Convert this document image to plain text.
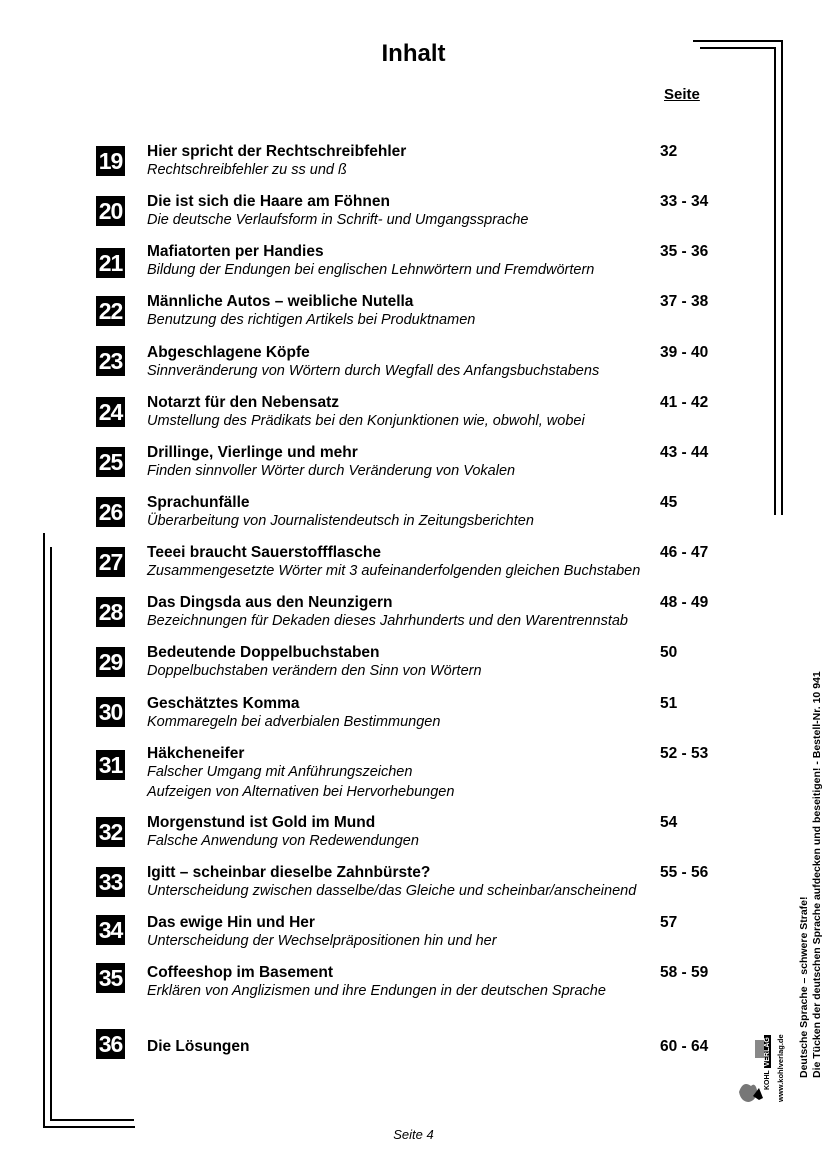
Inhalt
Seite
19 Hier spricht der Rechtschreibfehler
Rechtschreibfehler zu ss und ß
32
20 Die ist sich die Haare am Föhnen
Die deutsche Verlaufsform in Schrift- und Umgangssprache
33 - 34
21 Mafiatorten per Handies
Bildung der Endungen bei englischen Lehnwörtern und Fremdwörtern
35 - 36
22 Männliche Autos – weibliche Nutella
Benutzung des richtigen Artikels bei Produktnamen
37 - 38
23 Abgeschlagene Köpfe
Sinnveränderung von Wörtern durch Wegfall des Anfangsbuchstabens
39 - 40
24 Notarzt für den Nebensatz
Umstellung des Prädikats bei den Konjunktionen wie, obwohl, wobei
41 - 42
25 Drillinge, Vierlinge und mehr
Finden sinnvoller Wörter durch Veränderung von Vokalen
43 - 44
26 Sprachunfälle
Überarbeitung von Journalistendeutsch in Zeitungsberichten
45
27 Teeei braucht Sauerstoffflasche
Zusammengesetzte Wörter mit 3 aufeinanderfolgenden gleichen Buchstaben
46 - 47
28 Das Dingsda aus den Neunzigern
Bezeichnungen für Dekaden dieses Jahrhunderts und den Warentrennstab
48 - 49
29 Bedeutende Doppelbuchstaben
Doppelbuchstaben verändern den Sinn von Wörtern
50
30 Geschätztes Komma
Kommaregeln bei adverbialen Bestimmungen
51
31 Häkcheneifer
Falscher Umgang mit Anführungszeichen
Aufzeigen von Alternativen bei Hervorhebungen
52 - 53
32 Morgenstund ist Gold im Mund
Falsche Anwendung von Redewendungen
54
33 Igitt – scheinbar dieselbe Zahnbürste?
Unterscheidung zwischen dasselbe/das Gleiche und scheinbar/anscheinend
55 - 56
34 Das ewige Hin und Her
Unterscheidung der Wechselpräpositionen hin und her
57
35 Coffeeshop im Basement
Erklären von Anglizismen und ihre Endungen in der deutschen Sprache
58 - 59
36 Die Lösungen	60 - 64
Seite 4
KOHL VERLAG www.kohlverlag.de Deutsche Sprache – schwere Strafe! Die Tücken der deutschen Sprache aufdecken und beseitigen! - Bestell-Nr. 10 941
